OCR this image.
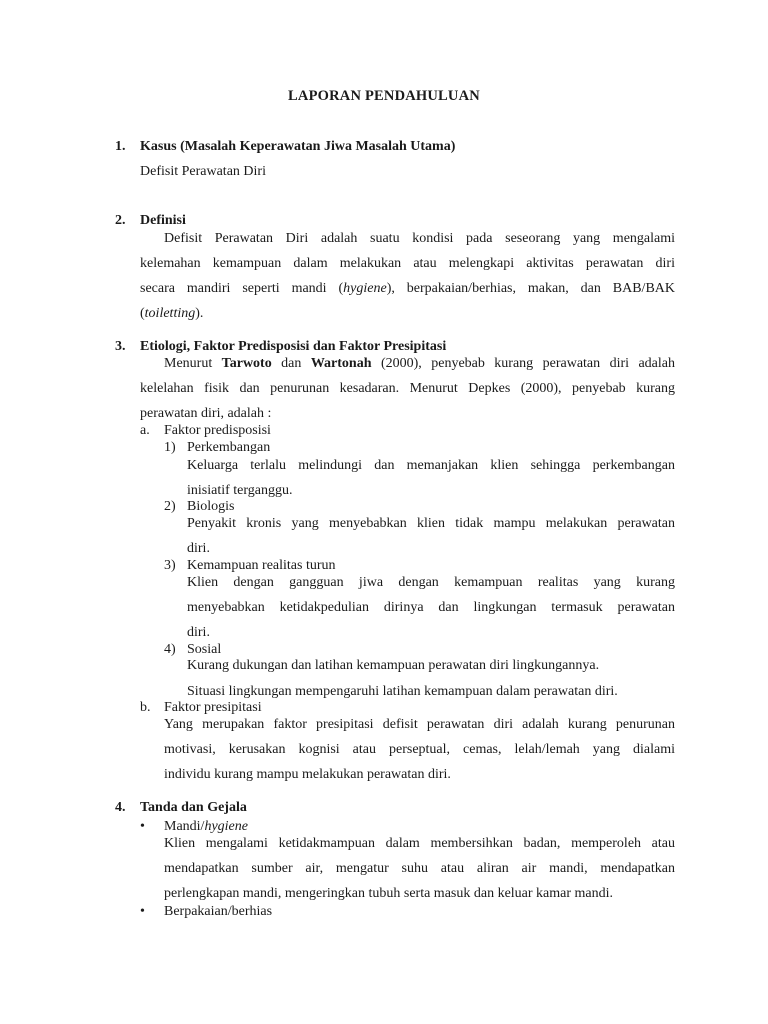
LAPORAN PENDAHULUAN
1. Kasus (Masalah Keperawatan Jiwa Masalah Utama)
Defisit Perawatan Diri
2. Definisi
Defisit Perawatan Diri adalah suatu kondisi pada seseorang yang mengalami
kelemahan kemampuan dalam melakukan atau melengkapi aktivitas perawatan diri
secara mandiri seperti mandi (hygiene), berpakaian/berhias, makan, dan BAB/BAK
(toiletting).
3. Etiologi, Faktor Predisposisi dan Faktor Presipitasi
Menurut Tarwoto dan Wartonah (2000), penyebab kurang perawatan diri adalah
kelelahan fisik dan penurunan kesadaran. Menurut Depkes (2000), penyebab kurang
perawatan diri, adalah :
a. Faktor predisposisi
1) Perkembangan
Keluarga terlalu melindungi dan memanjakan klien sehingga perkembangan
inisiatif terganggu.
2) Biologis
Penyakit kronis yang menyebabkan klien tidak mampu melakukan perawatan
diri.
3) Kemampuan realitas turun
Klien dengan gangguan jiwa dengan kemampuan realitas yang kurang
menyebabkan ketidakpedulian dirinya dan lingkungan termasuk perawatan
diri.
4) Sosial
Kurang dukungan dan latihan kemampuan perawatan diri lingkungannya.
Situasi lingkungan mempengaruhi latihan kemampuan dalam perawatan diri.
b. Faktor presipitasi
Yang merupakan faktor presipitasi defisit perawatan diri adalah kurang penurunan
motivasi, kerusakan kognisi atau perseptual, cemas, lelah/lemah yang dialami
individu kurang mampu melakukan perawatan diri.
4. Tanda dan Gejala
• Mandi/hygiene
Klien mengalami ketidakmampuan dalam membersihkan badan, memperoleh atau
mendapatkan sumber air, mengatur suhu atau aliran air mandi, mendapatkan
perlengkapan mandi, mengeringkan tubuh serta masuk dan keluar kamar mandi.
• Berpakaian/berhias
